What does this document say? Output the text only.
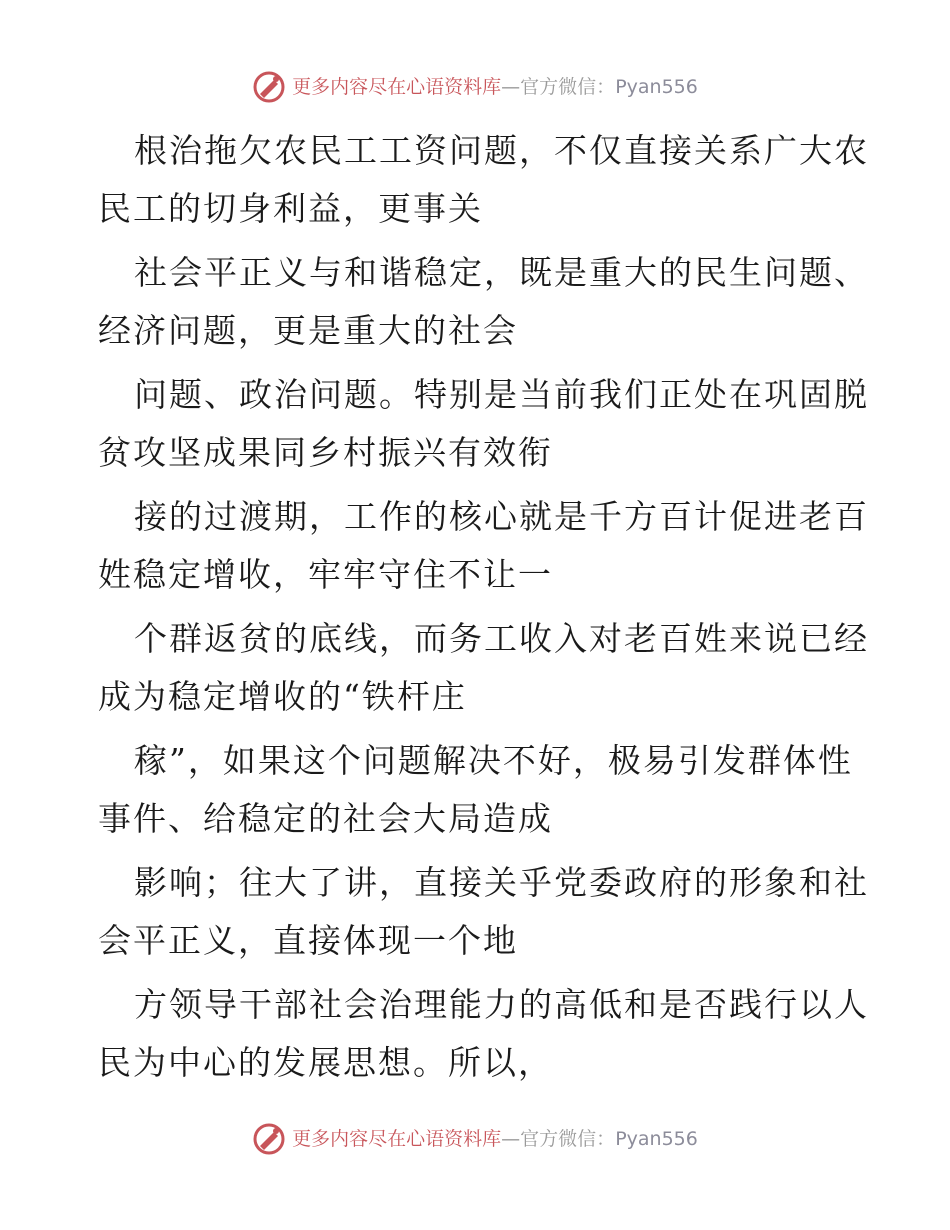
更多内容尽在心语资料库—官方微信：Pyan556

根治拖欠农民工工资问题，不仅直接关系广大农
民工的切身利益，更事关

社会平正义与和谐稳定，既是重大的民生问题、
经济问题，更是重大的社会

问题、政治问题。特别是当前我们正处在巩固脱
贫攻坚成果同乡村振兴有效衔

接的过渡期，工作的核心就是千方百计促进老百
姓稳定增收，牢牢守住不让一

个群返贫的底线，而务工收入对老百姓来说已经
成为稳定增收的“铁杆庄

稼”，如果这个问题解决不好，极易引发群体性
事件、给稳定的社会大局造成

影响；往大了讲，直接关乎党委政府的形象和社
会平正义，直接体现一个地

方领导干部社会治理能力的高低和是否践行以人
民为中心的发展思想。所以，

更多内容尽在心语资料库—官方微信：Pyan556
